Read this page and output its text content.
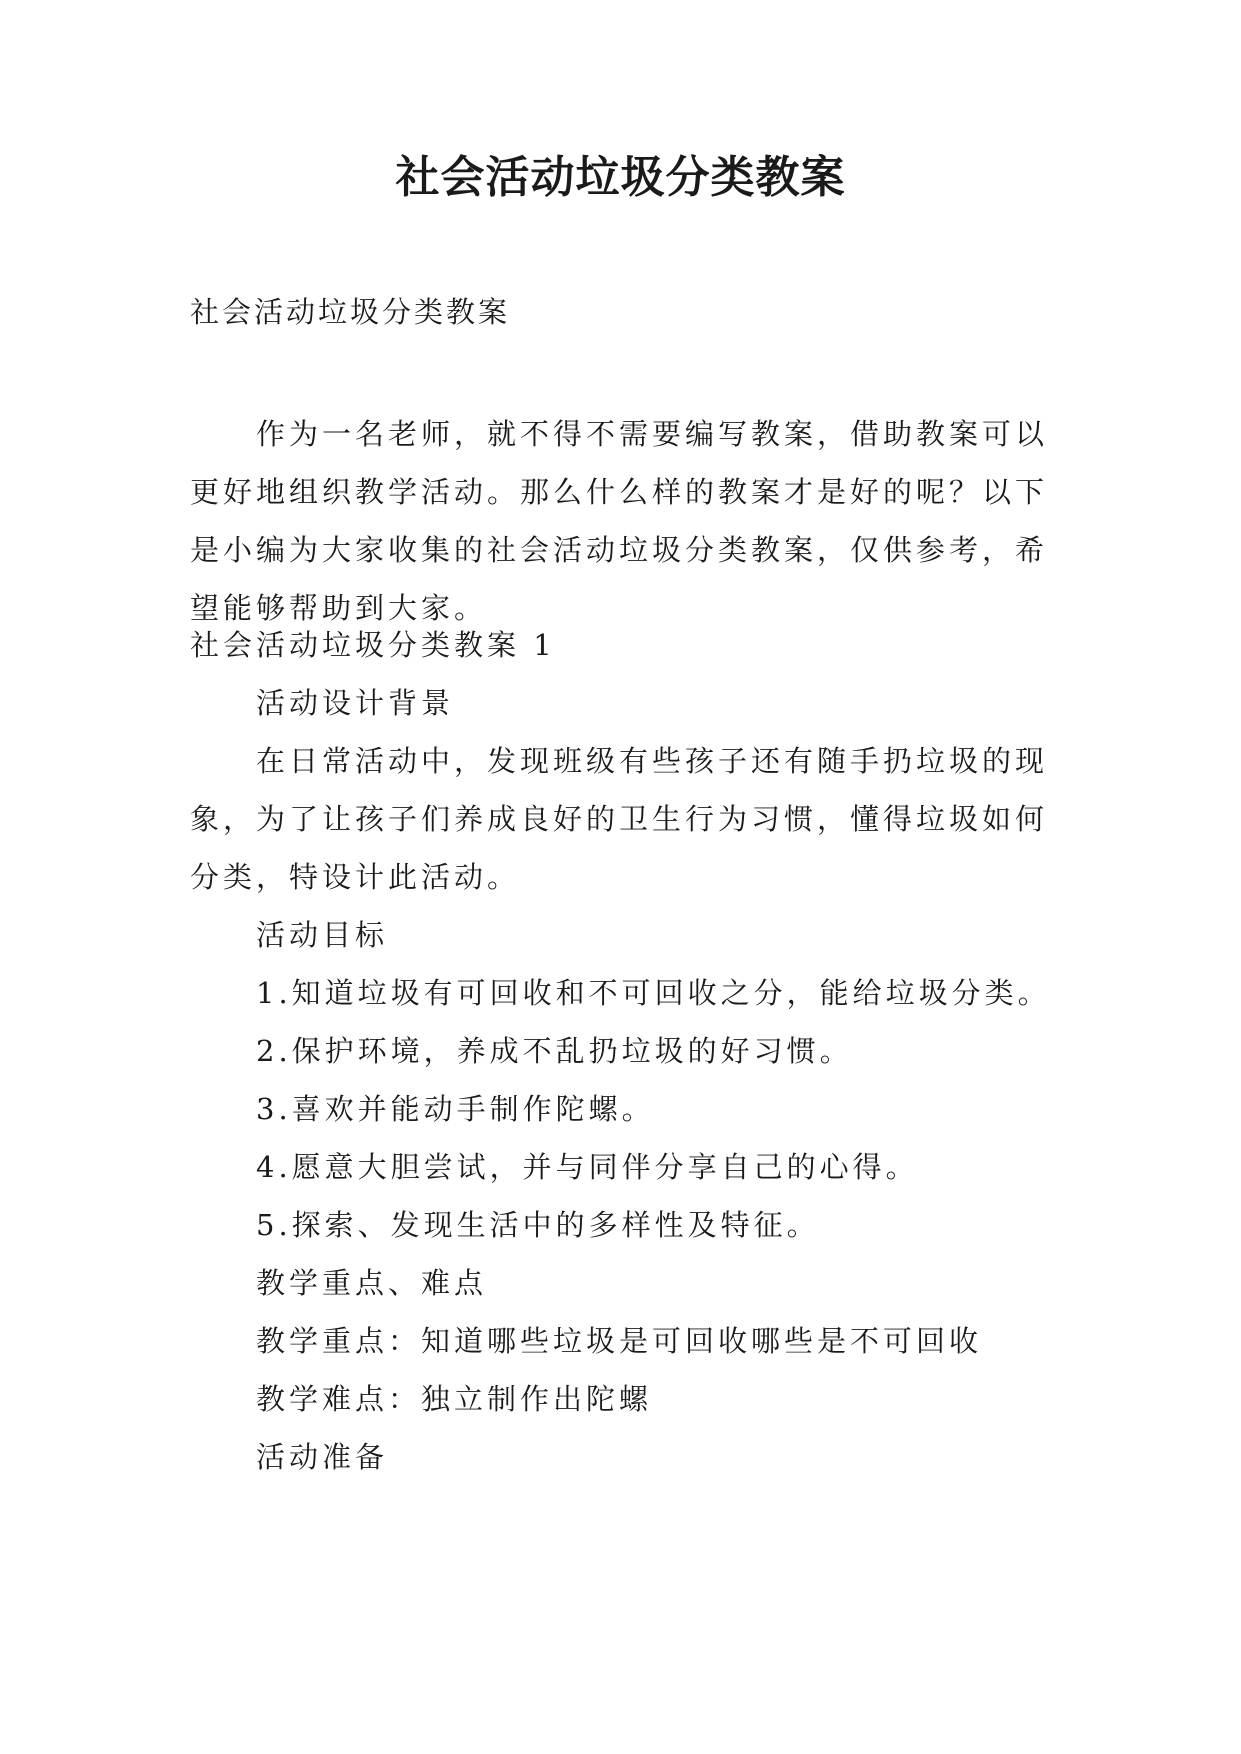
社会活动垃圾分类教案

社会活动垃圾分类教案

作为一名老师，就不得不需要编写教案，借助教案可以
更好地组织教学活动。那么什么样的教案才是好的呢？以下
是小编为大家收集的社会活动垃圾分类教案，仅供参考，希
望能够帮助到大家。

社会活动垃圾分类教案 1

活动设计背景

在日常活动中，发现班级有些孩子还有随手扔垃圾的现

象，为了让孩子们养成良好的卫生行为习惯，懂得垃圾如何

分类，特设计此活动。

活动目标

1.知道垃圾有可回收和不可回收之分，能给垃圾分类。

2.保护环境，养成不乱扔垃圾的好习惯。

3.喜欢并能动手制作陀螺。

4.愿意大胆尝试，并与同伴分享自己的心得。

5.探索、发现生活中的多样性及特征。

教学重点、难点

教学重点：知道哪些垃圾是可回收哪些是不可回收

教学难点：独立制作出陀螺

活动准备
